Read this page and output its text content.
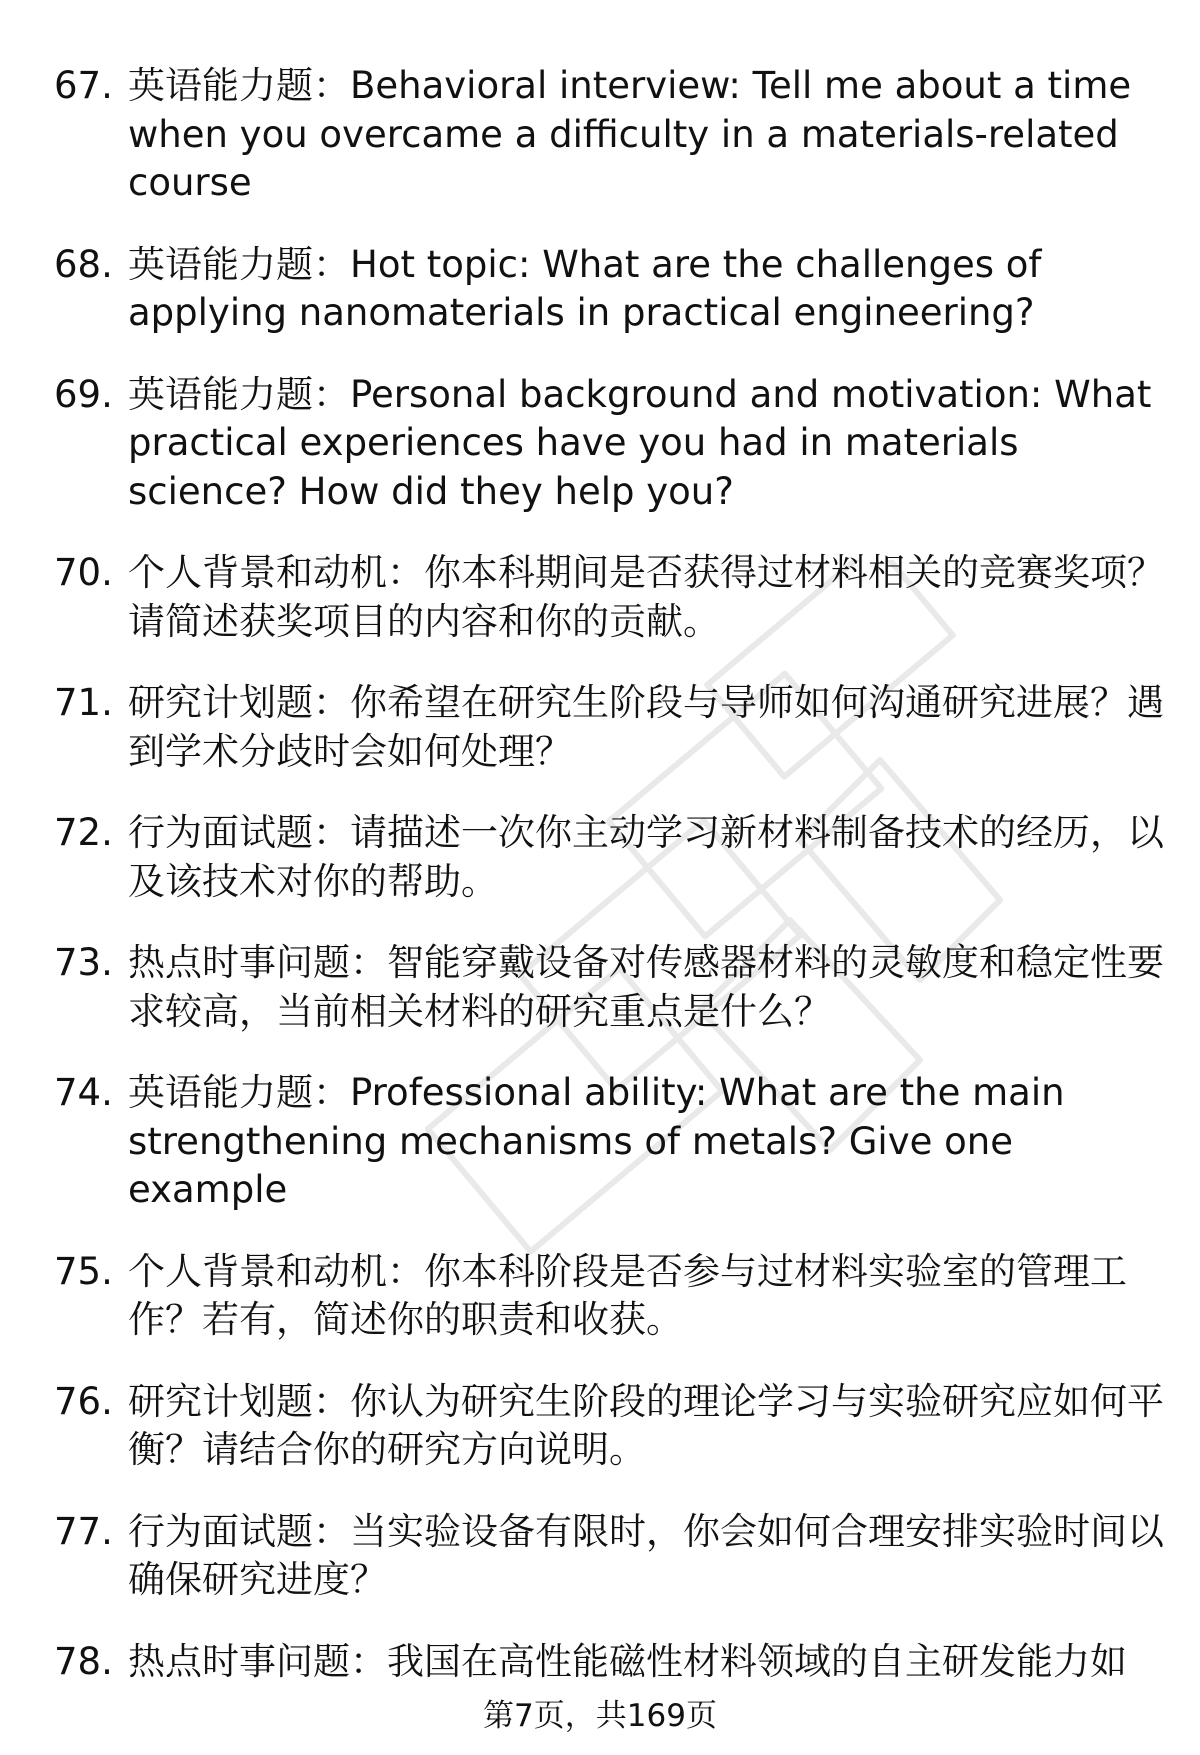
67. 英语能力题：Behavioral interview: Tell me about a time when you overcame a difficulty in a materials-related course
68. 英语能力题：Hot topic: What are the challenges of applying nanomaterials in practical engineering?
69. 英语能力题：Personal background and motivation: What practical experiences have you had in materials science? How did they help you?
70. 个人背景和动机：你本科期间是否获得过材料相关的竞赛奖项？请简述获奖项目的内容和你的贡献。
71. 研究计划题：你希望在研究生阶段与导师如何沟通研究进展？遇到学术分歧时会如何处理？
72. 行为面试题：请描述一次你主动学习新材料制备技术的经历，以及该技术对你的帮助。
73. 热点时事问题：智能穿戴设备对传感器材料的灵敏度和稳定性要求较高，当前相关材料的研究重点是什么？
74. 英语能力题：Professional ability: What are the main strengthening mechanisms of metals? Give one example
75. 个人背景和动机：你本科阶段是否参与过材料实验室的管理工作？若有，简述你的职责和收获。
76. 研究计划题：你认为研究生阶段的理论学习与实验研究应如何平衡？请结合你的研究方向说明。
77. 行为面试题：当实验设备有限时，你会如何合理安排实验时间以确保研究进度？
78. 热点时事问题：我国在高性能磁性材料领域的自主研发能力如
第7页，共169页
